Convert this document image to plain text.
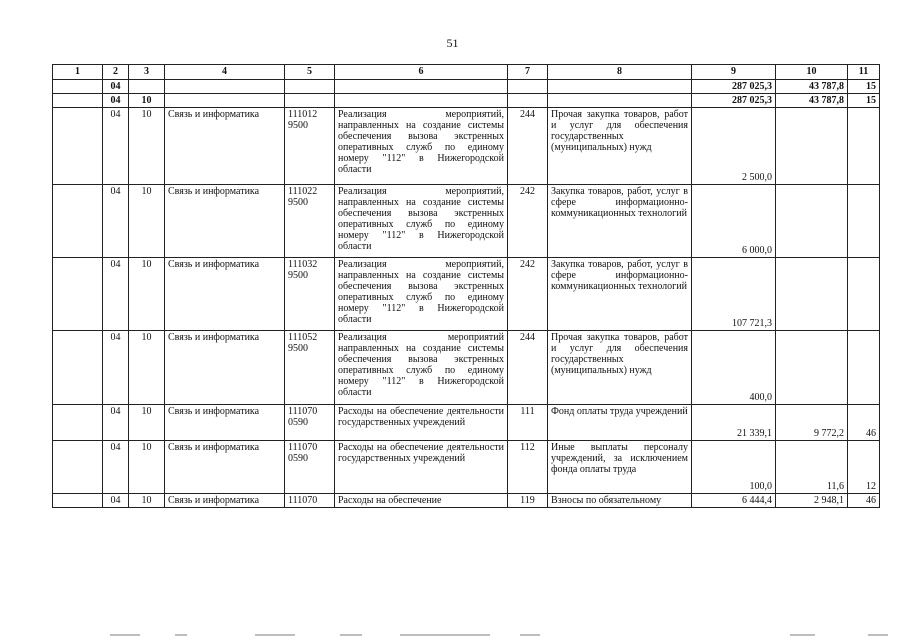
51
1	2	3	4	5	6	7	8	9	10	11
	04							287 025,3	43 787,8	15
	04	10						287 025,3	43 787,8	15
	04	10	Связь и информатика	111012 9500	Реализация мероприятий, направленных на создание системы обеспечения вызова экстренных оперативных служб по единому номеру "112" в Нижегородской области	244	Прочая закупка товаров, работ и услуг для обеспечения государственных (муниципальных) нужд	2 500,0		
	04	10	Связь и информатика	111022 9500	Реализация мероприятий, направленных на создание системы обеспечения вызова экстренных оперативных служб по единому номеру "112" в Нижегородской области	242	Закупка товаров, работ, услуг в сфере информационно-коммуникационных технологий	6 000,0		
	04	10	Связь и информатика	111032 9500	Реализация мероприятий, направленных на создание системы обеспечения вызова экстренных оперативных служб по единому номеру "112" в Нижегородской области	242	Закупка товаров, работ, услуг в сфере информационно-коммуникационных технологий	107 721,3		
	04	10	Связь и информатика	111052 9500	Реализация мероприятий направленных на создание системы обеспечения вызова экстренных оперативных служб по единому номеру "112" в Нижегородской области	244	Прочая закупка товаров, работ и услуг для обеспечения государственных (муниципальных) нужд	400,0		
	04	10	Связь и информатика	111070 0590	Расходы на обеспечение деятельности государственных учреждений	111	Фонд оплаты труда учреждений	21 339,1	9 772,2	46
	04	10	Связь и информатика	111070 0590	Расходы на обеспечение деятельности государственных учреждений	112	Иные выплаты персоналу учреждений, за исключением фонда оплаты труда	100,0	11,6	12
	04	10	Связь и информатика	111070	Расходы на обеспечение	119	Взносы по обязательному	6 444,4	2 948,1	46
